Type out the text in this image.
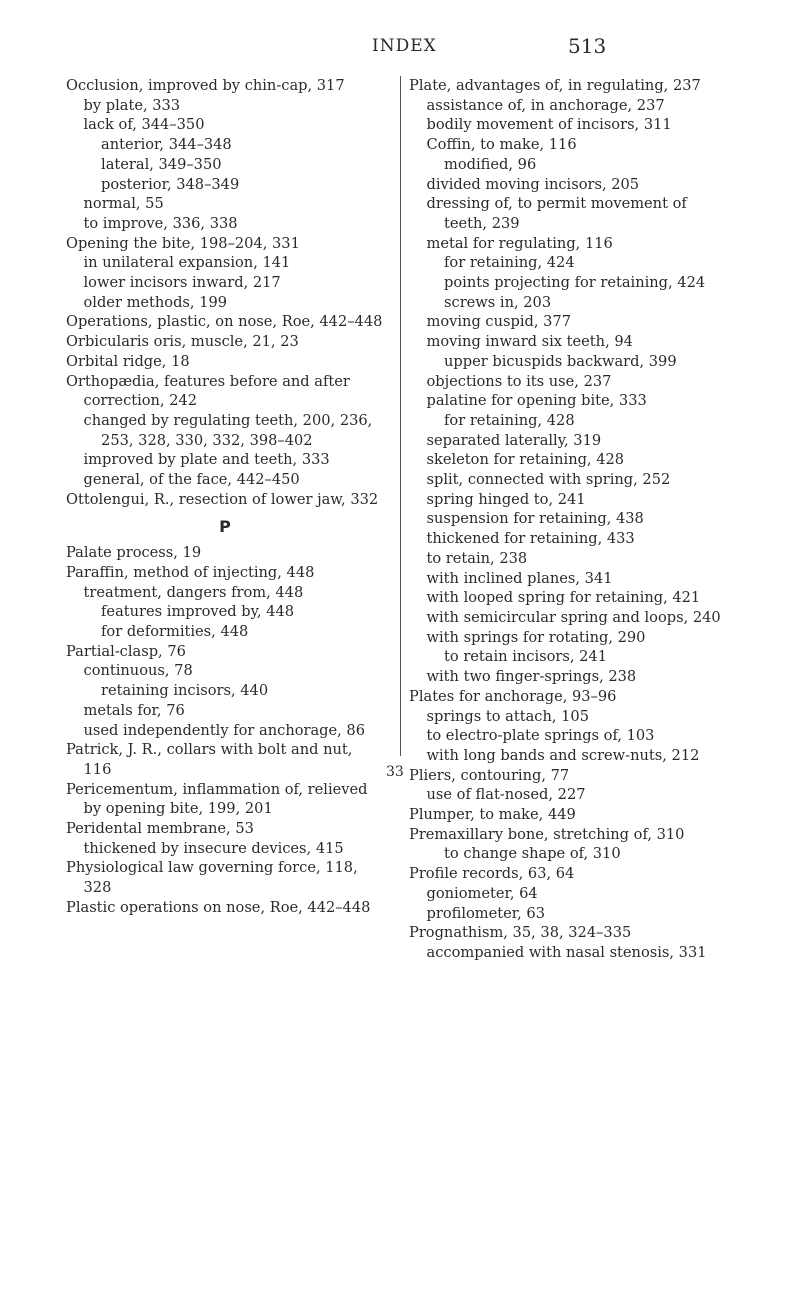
INDEX	513

Occlusion, improved by chin-cap, 317

by plate, 333

lack of, 344–350

anterior, 344–348

lateral, 349–350

posterior, 348–349

normal, 55

to improve, 336, 338

Opening the bite, 198–204, 331

in unilateral expansion, 141

lower incisors inward, 217

older methods, 199

Operations, plastic, on nose, Roe, 442–448

Orbicularis oris, muscle, 21, 23

Orbital ridge, 18

Orthopædia, features before and after correction, 242

changed by regulating teeth, 200, 236, 253, 328, 330, 332, 398–402

improved by plate and teeth, 333

general, of the face, 442–450

Ottolengui, R., resection of lower jaw, 332

P

Palate process, 19

Paraffin, method of injecting, 448

treatment, dangers from, 448

features improved by, 448

for deformities, 448

Partial-clasp, 76

continuous, 78

retaining incisors, 440

metals for, 76

used independently for anchorage, 86

Patrick, J. R., collars with bolt and nut, 116

Pericementum, inflammation of, relieved by opening bite, 199, 201

Peridental membrane, 53

thickened by insecure devices, 415

Physiological law governing force, 118, 328

Plastic operations on nose, Roe, 442–448

Plate, advantages of, in regulating, 237

assistance of, in anchorage, 237

bodily movement of incisors, 311

Coffin, to make, 116

modified, 96

divided moving incisors, 205

dressing of, to permit movement of teeth, 239

metal for regulating, 116

for retaining, 424

points projecting for retaining, 424

screws in, 203

moving cuspid, 377

moving inward six teeth, 94

upper bicuspids backward, 399

objections to its use, 237

palatine for opening bite, 333

for retaining, 428

separated laterally, 319

skeleton for retaining, 428

split, connected with spring, 252

spring hinged to, 241

suspension for retaining, 438

thickened for retaining, 433

to retain, 238

with inclined planes, 341

with looped spring for retaining, 421

with semicircular spring and loops, 240

with springs for rotating, 290

to retain incisors, 241

with two finger-springs, 238

Plates for anchorage, 93–96

springs to attach, 105

to electro-plate springs of, 103

with long bands and screw-nuts, 212

Pliers, contouring, 77

use of flat-nosed, 227

Plumper, to make, 449

Premaxillary bone, stretching of, 310

to change shape of, 310

Profile records, 63, 64

goniometer, 64

profilometer, 63

Prognathism, 35, 38, 324–335

accompanied with nasal stenosis, 331

33
